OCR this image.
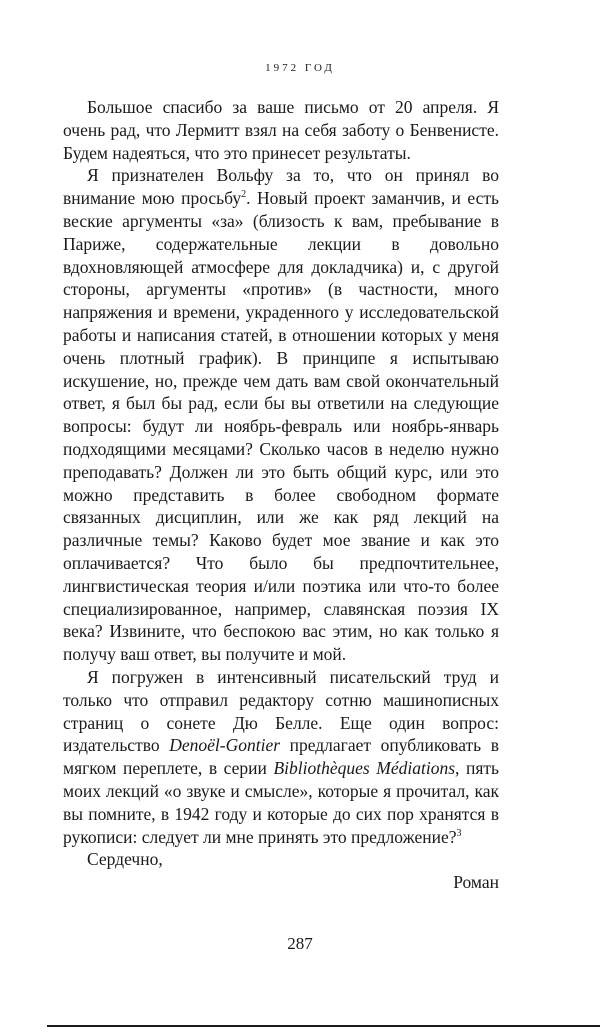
1972 ГОД

Большое спасибо за ваше письмо от 20 апреля. Я очень рад, что Лермитт взял на себя заботу о Бенвенисте. Будем надеяться, что это принесет результаты.

Я признателен Вольфу за то, что он принял во внимание мою просьбу$^2$. Новый проект заманчив, и есть веские аргументы «за» (близость к вам, пребывание в Париже, содержательные лекции в довольно вдохновляющей атмосфере для докладчика) и, с другой стороны, аргументы «против» (в частности, много напряжения и времени, украденного у исследовательской работы и написания статей, в отношении которых у меня очень плотный график). В принципе я испытываю искушение, но, прежде чем дать вам свой окончательный ответ, я был бы рад, если бы вы ответили на следующие вопросы: будут ли ноябрь-февраль или ноябрь-январь подходящими месяцами? Сколько часов в неделю нужно преподавать? Должен ли это быть общий курс, или это можно представить в более свободном формате связанных дисциплин, или же как ряд лекций на различные темы? Каково будет мое звание и как это оплачивается? Что было бы предпочтительнее, лингвистическая теория и/или поэтика или что-то более специализированное, например, славянская поэзия IX века? Извините, что беспокою вас этим, но как только я получу ваш ответ, вы получите и мой.

Я погружен в интенсивный писательский труд и только что отправил редактору сотню машинописных страниц о сонете Дю Белле. Еще один вопрос: издательство Denoël-Gontier предлагает опубликовать в мягком переплете, в серии Bibliothèques Médiations, пять моих лекций «о звуке и смысле», которые я прочитал, как вы помните, в 1942 году и которые до сих пор хранятся в рукописи: следует ли мне принять это предложение?$^3$

Сердечно,

Роман

287
